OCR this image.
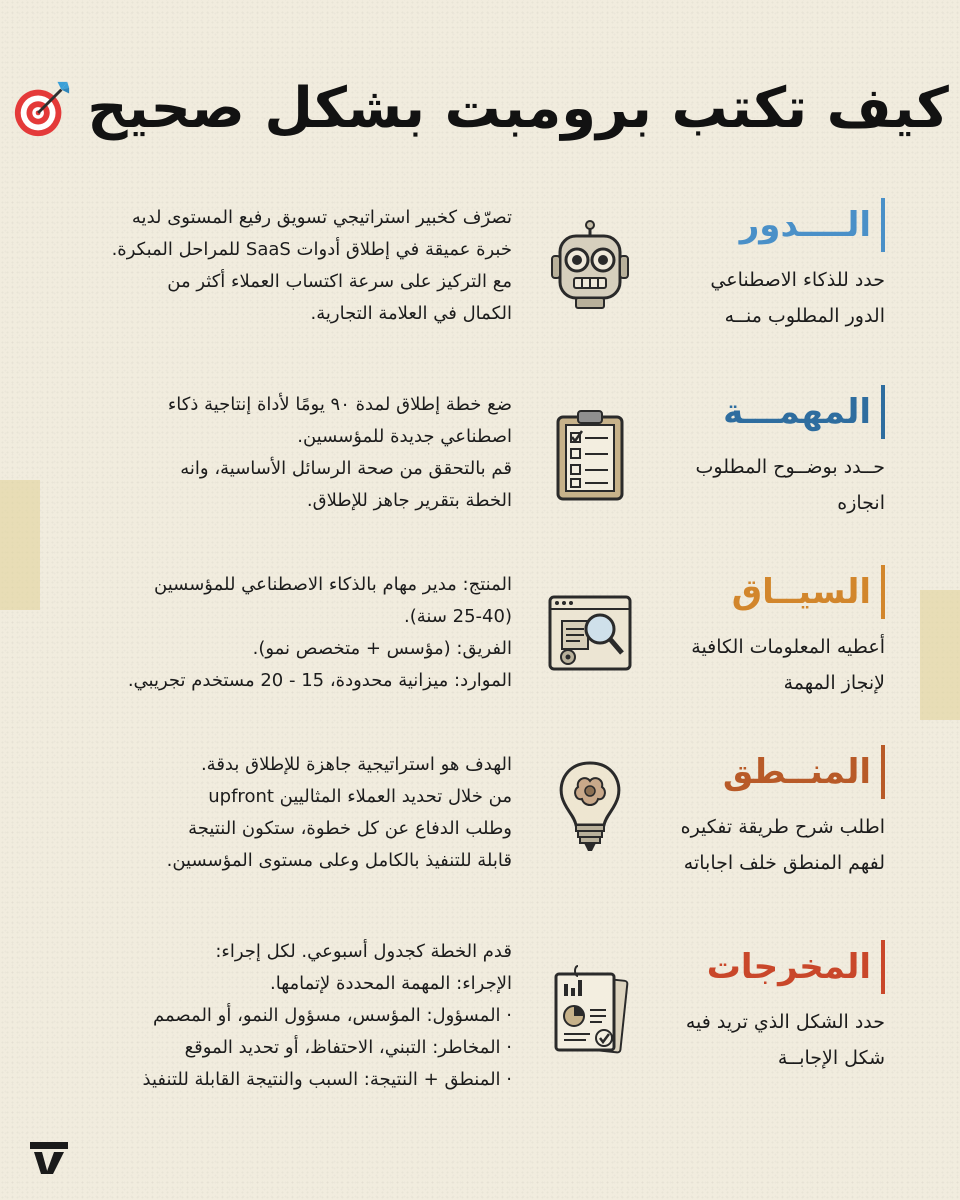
كيف تكتب برومبت بشكل صحيح
الــــدور
حدد للذكاء الاصطناعي الدور المطلوب منــه

تصرّف كخبير استراتيجي تسويق رفيع المستوى لديه

خبرة عميقة في إطلاق أدوات SaaS للمراحل المبكرة.

مع التركيز على سرعة اكتساب العملاء أكثر من

الكمال في العلامة التجارية.

المهمـــة
حــدد بوضــوح المطلوب انجازه

ضع خطة إطلاق لمدة ٩٠ يومًا لأداة إنتاجية ذكاء

اصطناعي جديدة للمؤسسين.

قم بالتحقق من صحة الرسائل الأساسية، وانه

الخطة بتقرير جاهز للإطلاق.

السيــاق
أعطيه المعلومات الكافية لإنجاز المهمة

المنتج: مدير مهام بالذكاء الاصطناعي للمؤسسين

(25-40 سنة).

الفريق: (مؤسس + متخصص نمو).

الموارد: ميزانية محدودة، 15 - 20 مستخدم تجريبي.

المنــطق
اطلب شرح طريقة تفكيره لفهم المنطق خلف اجاباته

الهدف هو استراتيجية جاهزة للإطلاق بدقة.

من خلال تحديد العملاء المثاليين upfront

وطلب الدفاع عن كل خطوة، ستكون النتيجة

قابلة للتنفيذ بالكامل وعلى مستوى المؤسسين.

المخرجات
حدد الشكل الذي تريد فيه شكل الإجابــة

قدم الخطة كجدول أسبوعي. لكل إجراء:

الإجراء: المهمة المحددة لإتمامها.

· المسؤول: المؤسس، مسؤول النمو، أو المصمم

· المخاطر: التبني، الاحتفاظ، أو تحديد الموقع

· المنطق + النتيجة: السبب والنتيجة القابلة للتنفيذ
